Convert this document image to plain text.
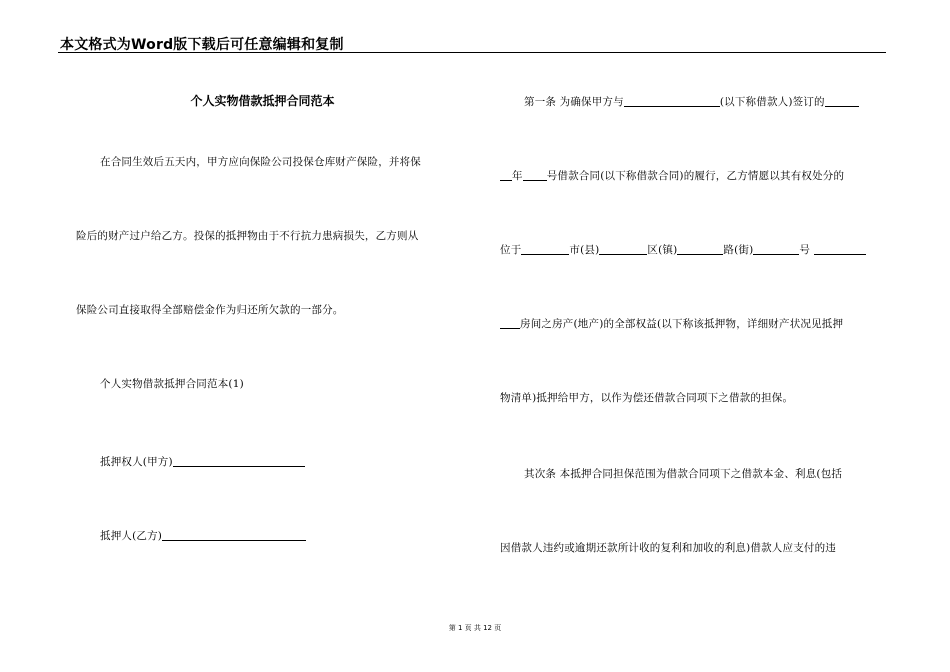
本文格式为Word版下载后可任意编辑和复制
个人实物借款抵押合同范本
在合同生效后五天内，甲方应向保险公司投保仓库财产保险，并将保
险后的财产过户给乙方。投保的抵押物由于不行抗力患病损失，乙方则从
保险公司直接取得全部赔偿金作为归还所欠款的一部分。
个人实物借款抵押合同范本(1)
抵押权人(甲方)
抵押人(乙方)
第一条 为确保甲方与	(以下称借款人)签订的
年 号借款合同(以下称借款合同)的履行，乙方情愿以其有权处分的
位于	市(县)	区(镇)	路(街)	号
房间之房产(地产)的全部权益(以下称该抵押物，详细财产状况见抵押
物清单)抵押给甲方，以作为偿还借款合同项下之借款的担保。
其次条 本抵押合同担保范围为借款合同项下之借款本金、利息(包括
因借款人违约或逾期还款所计收的复利和加收的利息)借款人应支付的违
第 1 页 共 12 页
